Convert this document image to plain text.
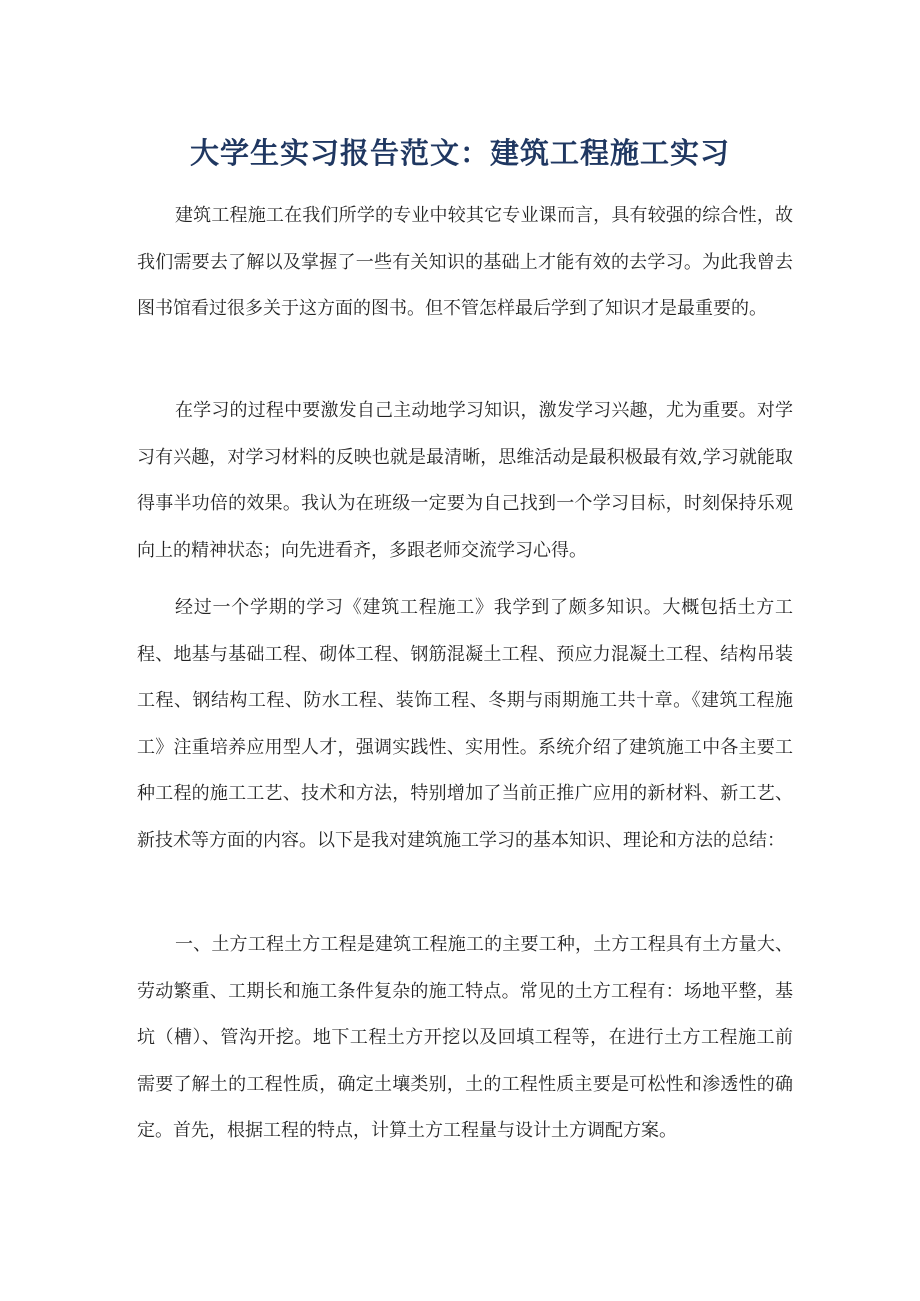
大学生实习报告范文：建筑工程施工实习

建筑工程施工在我们所学的专业中较其它专业课而言，具有较强的综合性，故我们需要去了解以及掌握了一些有关知识的基础上才能有效的去学习。为此我曾去图书馆看过很多关于这方面的图书。但不管怎样最后学到了知识才是最重要的。

在学习的过程中要激发自己主动地学习知识，激发学习兴趣，尤为重要。对学习有兴趣，对学习材料的反映也就是最清晰，思维活动是最积极最有效,学习就能取得事半功倍的效果。我认为在班级一定要为自己找到一个学习目标，时刻保持乐观向上的精神状态；向先进看齐，多跟老师交流学习心得。

经过一个学期的学习《建筑工程施工》我学到了颇多知识。大概包括土方工程、地基与基础工程、砌体工程、钢筋混凝土工程、预应力混凝土工程、结构吊装工程、钢结构工程、防水工程、装饰工程、冬期与雨期施工共十章。《建筑工程施工》注重培养应用型人才，强调实践性、实用性。系统介绍了建筑施工中各主要工种工程的施工工艺、技术和方法，特别增加了当前正推广应用的新材料、新工艺、新技术等方面的内容。以下是我对建筑施工学习的基本知识、理论和方法的总结：

一、土方工程土方工程是建筑工程施工的主要工种，土方工程具有土方量大、劳动繁重、工期长和施工条件复杂的施工特点。常见的土方工程有：场地平整，基坑（槽）、管沟开挖。地下工程土方开挖以及回填工程等，在进行土方工程施工前需要了解土的工程性质，确定土壤类别，土的工程性质主要是可松性和渗透性的确定。首先，根据工程的特点，计算土方工程量与设计土方调配方案。
